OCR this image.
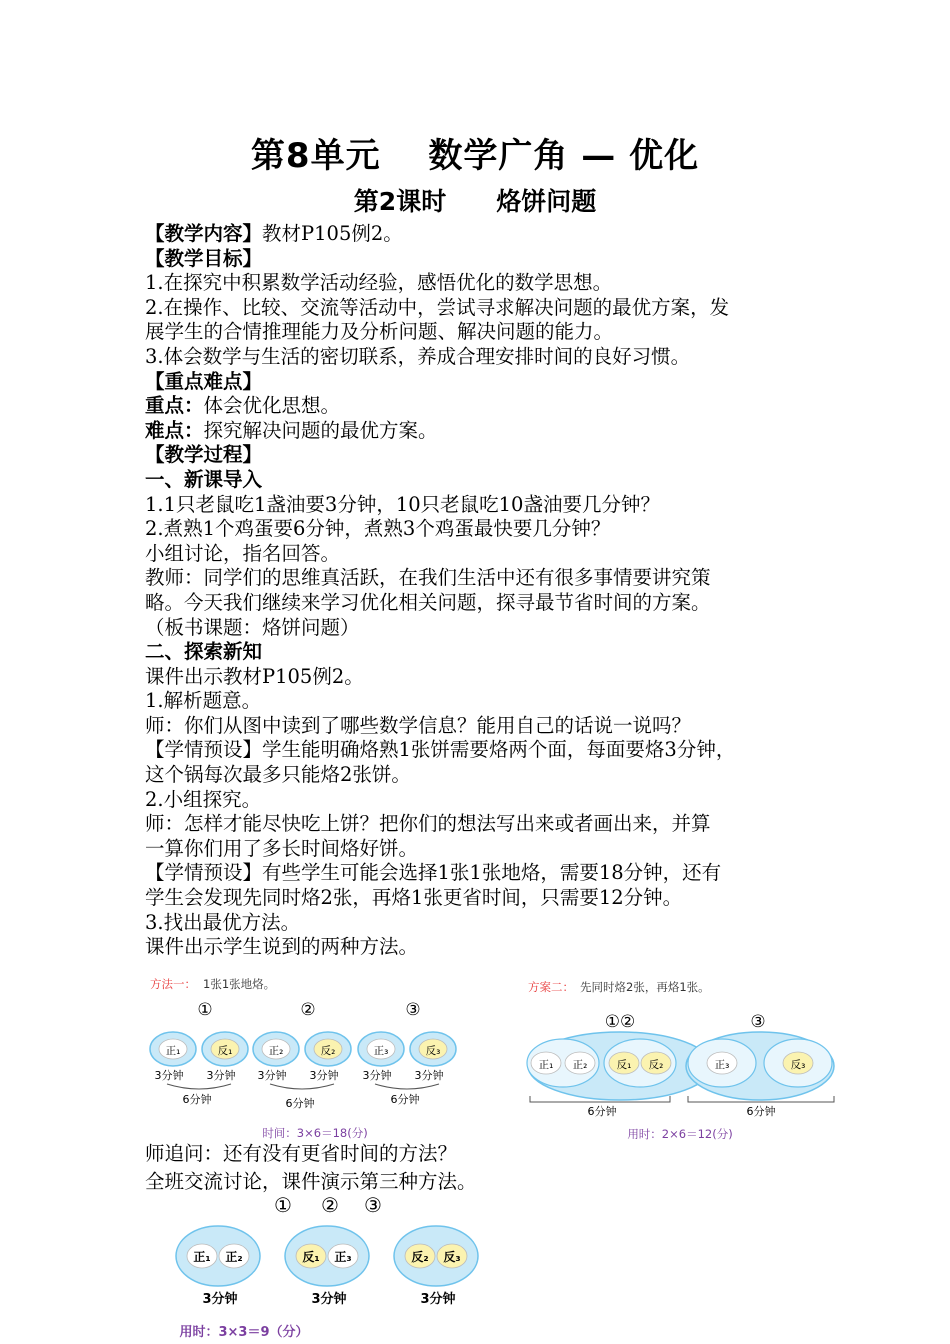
第8单元　 数学广角 — 优化
第2课时　　烙饼问题
【教学内容】教材P105例2。
【教学目标】
1.在探究中积累数学活动经验，感悟优化的数学思想。
2.在操作、比较、交流等活动中，尝试寻求解决问题的最优方案，发
展学生的合情推理能力及分析问题、解决问题的能力。
3.体会数学与生活的密切联系，养成合理安排时间的良好习惯。
【重点难点】
重点：体会优化思想。
难点：探究解决问题的最优方案。
【教学过程】
一、新课导入
1.1只老鼠吃1盏油要3分钟，10只老鼠吃10盏油要几分钟？
2.煮熟1个鸡蛋要6分钟，煮熟3个鸡蛋最快要几分钟？
小组讨论，指名回答。
教师：同学们的思维真活跃，在我们生活中还有很多事情要讲究策
略。今天我们继续来学习优化相关问题，探寻最节省时间的方案。
（板书课题：烙饼问题）
二、探索新知
课件出示教材P105例2。
1.解析题意。
师：你们从图中读到了哪些数学信息？能用自己的话说一说吗？
【学情预设】学生能明确烙熟1张饼需要烙两个面，每面要烙3分钟，
这个锅每次最多只能烙2张饼。
2.小组探究。
师：怎样才能尽快吃上饼？把你们的想法写出来或者画出来，并算
一算你们用了多长时间烙好饼。
【学情预设】有些学生可能会选择1张1张地烙，需要18分钟，还有
学生会发现先同时烙2张，再烙1张更省时间，只需要12分钟。
3.找出最优方法。
课件出示学生说到的两种方法。
方法一： 1张1张地烙。
①
正₁
3分钟
反₁
3分钟
6分钟
②
正₂
3分钟
反₂
3分钟
6分钟
③
正₃
3分钟
反₃
3分钟
6分钟
时间：3×6＝18(分)
方案二： 先同时烙2张，再烙1张。
①②	③
正₁ 正₂	反₁ 反₂	正₃	反₃
6分钟	6分钟
用时：2×6＝12(分)
师追问：还有没有更省时间的方法？
全班交流讨论，课件演示第三种方法。
① ② ③
正₁ 正₂
3分钟
反₁ 正₃
3分钟
反₂ 反₃
3分钟
用时：3×3＝9（分）
